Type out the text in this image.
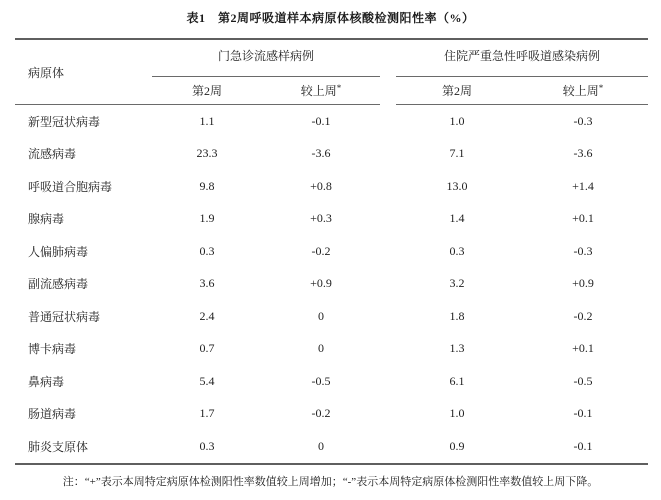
表1　第2周呼吸道样本病原体核酸检测阳性率（%）
病原体
门急诊流感样病例	住院严重急性呼吸道感染病例
第2周	较上周 *	第2周	较上周 *
新型冠状病毒	1.1	-0.1	1.0	-0.3
流感病毒	23.3	-3.6	7.1	-3.6
呼吸道合胞病毒	9.8	+0.8	13.0	+1.4
腺病毒	1.9	+0.3	1.4	+0.1
人偏肺病毒	0.3	-0.2	0.3	-0.3
副流感病毒	3.6	+0.9	3.2	+0.9
普通冠状病毒	2.4	0	1.8	-0.2
博卡病毒	0.7	0	1.3	+0.1
鼻病毒	5.4	-0.5	6.1	-0.5
肠道病毒	1.7	-0.2	1.0	-0.1
肺炎支原体	0.3	0	0.9	-0.1
注：“+”表示本周特定病原体检测阳性率数值较上周增加；“-”表示本周特定病原体检测阳性率数值较上周下降。
